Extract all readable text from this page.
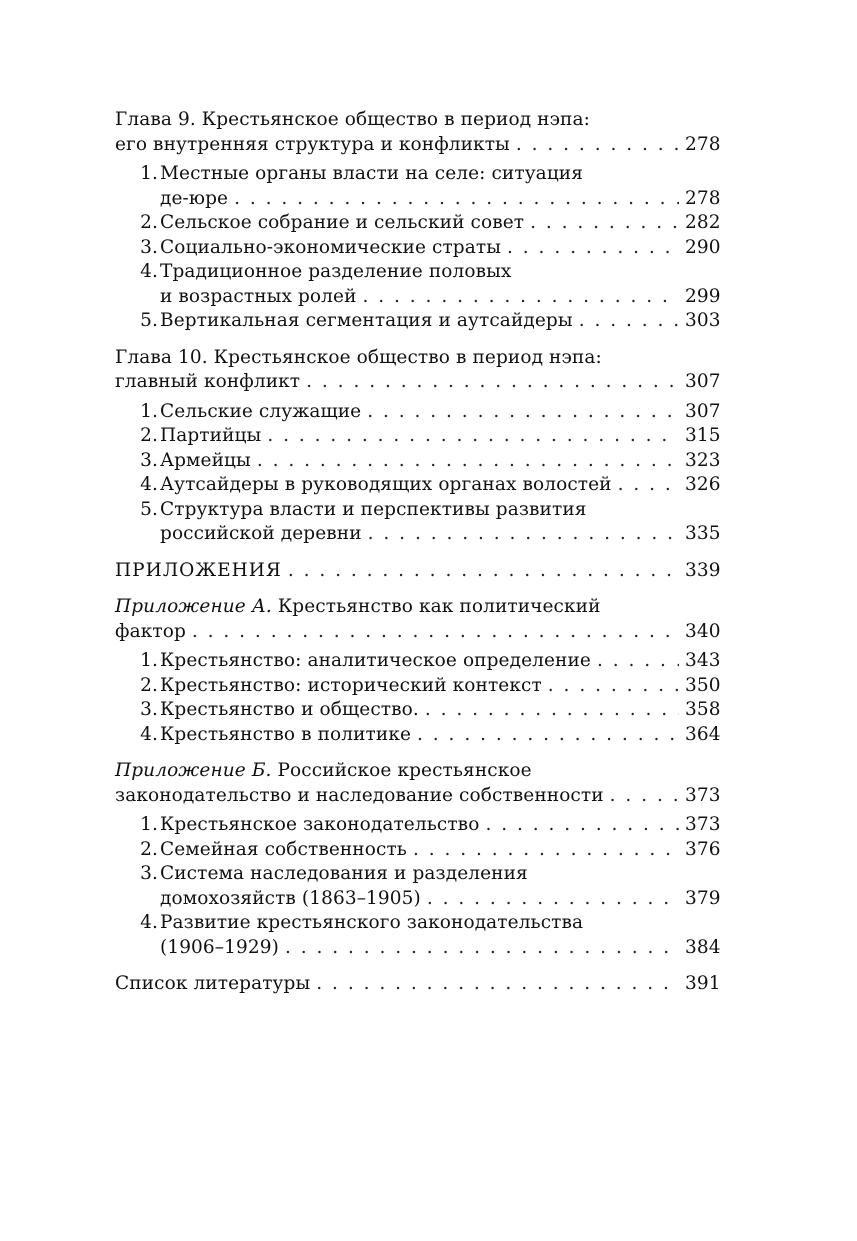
Глава 9. Крестьянское общество в период нэпа:
его внутренняя структура и конфликты . . .	278
1. Местные органы власти на селе: ситуация
де-юре . . .	278
2. Сельское собрание и сельский совет . . .	282
3. Социально-экономические страты . . .	290
4. Традиционное разделение половых
и возрастных ролей . . .	299
5. Вертикальная сегментация и аутсайдеры . . .	303
Глава 10. Крестьянское общество в период нэпа:
главный конфликт . . .	307
1. Сельские служащие . . .	307
2. Партийцы . . .	315
3. Армейцы . . .	323
4. Аутсайдеры в руководящих органах волостей . . .	326
5. Структура власти и перспективы развития
российской деревни . . .	335
ПРИЛОЖЕНИЯ . . .	339
Приложение А. Крестьянство как политический
фактор . . .	340
1. Крестьянство: аналитическое определение . . .	343
2. Крестьянство: исторический контекст . . .	350
3. Крестьянство и общество. . . .	358
4. Крестьянство в политике . . .	364
Приложение Б. Российское крестьянское
законодательство и наследование собственности . . .	373
1. Крестьянское законодательство . . .	373
2. Семейная собственность . . .	376
3. Система наследования и разделения
домохозяйств (1863–1905) . . .	379
4. Развитие крестьянского законодательства
(1906–1929) . . .	384
Список литературы . . .	391
